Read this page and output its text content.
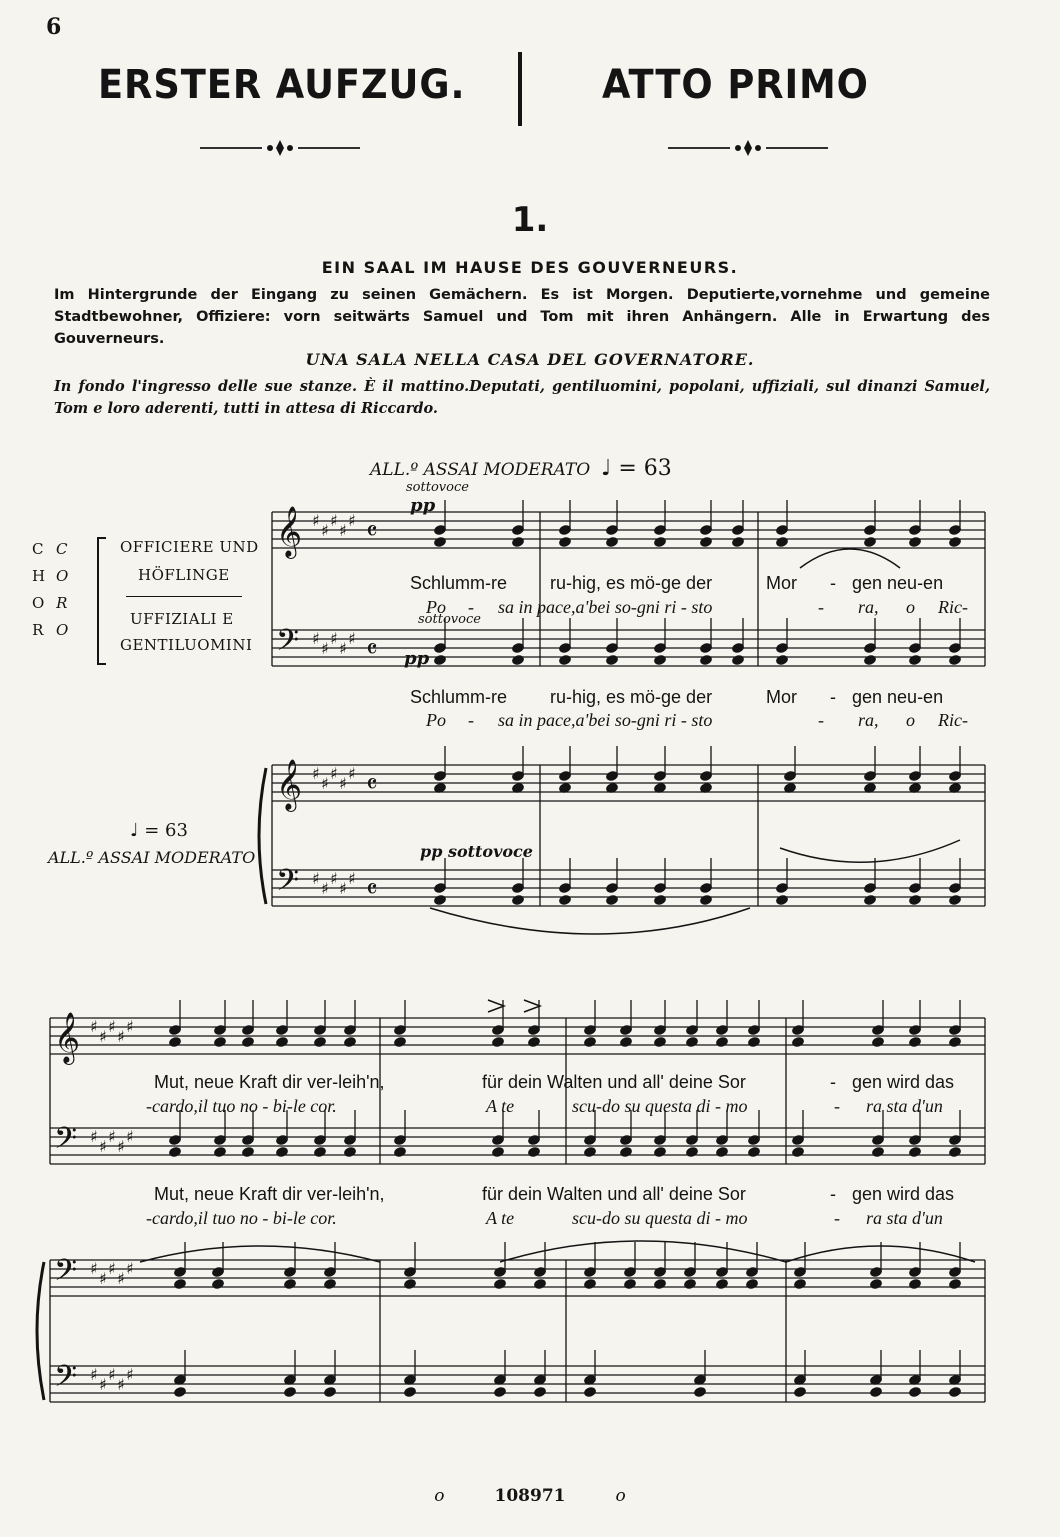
6
ERSTER AUFZUG.	ATTO PRIMO
1.
EIN SAAL IM HAUSE DES GOUVERNEURS.
Im Hintergrunde der Eingang zu seinen Gemächern. Es ist Morgen. Deputierte,vornehme und gemeine Stadtbewohner, Offiziere: vorn seitwärts Samuel und Tom mit ihren Anhängern. Alle in Erwartung des Gouverneurs.
UNA SALA NELLA CASA DEL GOVERNATORE.
In fondo l'ingresso delle sue stanze. È il mattino.Deputati, gentiluomini, popolani, uffiziali, sul dinanzi Samuel, Tom e loro aderenti, tutti in attesa di Riccardo.
ALL.º ASSAI MODERATO ♩ = 63
♩ = 63
ALL.º ASSAI MODERATO
sottovoce
pp
sottovoce
pp
pp sottovoce
CHOR
CORO
OFFICIERE UND
HÖFLINGE
UFFIZIALI E
GENTILUOMINI
Schlumm-re ru-hig, es mö-ge der	Mor - gen neu-en
Po - sa in pace,a'bei so-gni ri - sto	- ra, o Ric-
Schlumm-re ru-hig, es mö-ge der	Mor - gen neu-en
Po - sa in pace,a'bei so-gni ri - sto	- ra, o Ric-
Mut, neue Kraft dir ver-leih'n,	für dein Walten und all' deine Sor	- gen wird das
-cardo,il tuo no - bi-le cor.	A te	scu-do su questa di - mo	- ra sta d'un
Mut, neue Kraft dir ver-leih'n,	für dein Walten und all' deine Sor	- gen wird das
-cardo,il tuo no - bi-le cor.	A te	scu-do su questa di - mo	- ra sta d'un
𝄞 ♯
♯
♯
♯
♯ 𝄴
𝄢 ♯
♯
♯
♯
♯ 𝄴
𝄞 ♯
♯
♯
♯
♯ 𝄴
𝄢 ♯
♯
♯
♯
♯ 𝄴
𝄞 ♯
♯
♯
♯
♯
𝄢 ♯
♯
♯
♯
♯
𝄢 ♯
♯
♯
♯
♯
𝄢 ♯
♯
♯
♯
♯
o	108971	o
